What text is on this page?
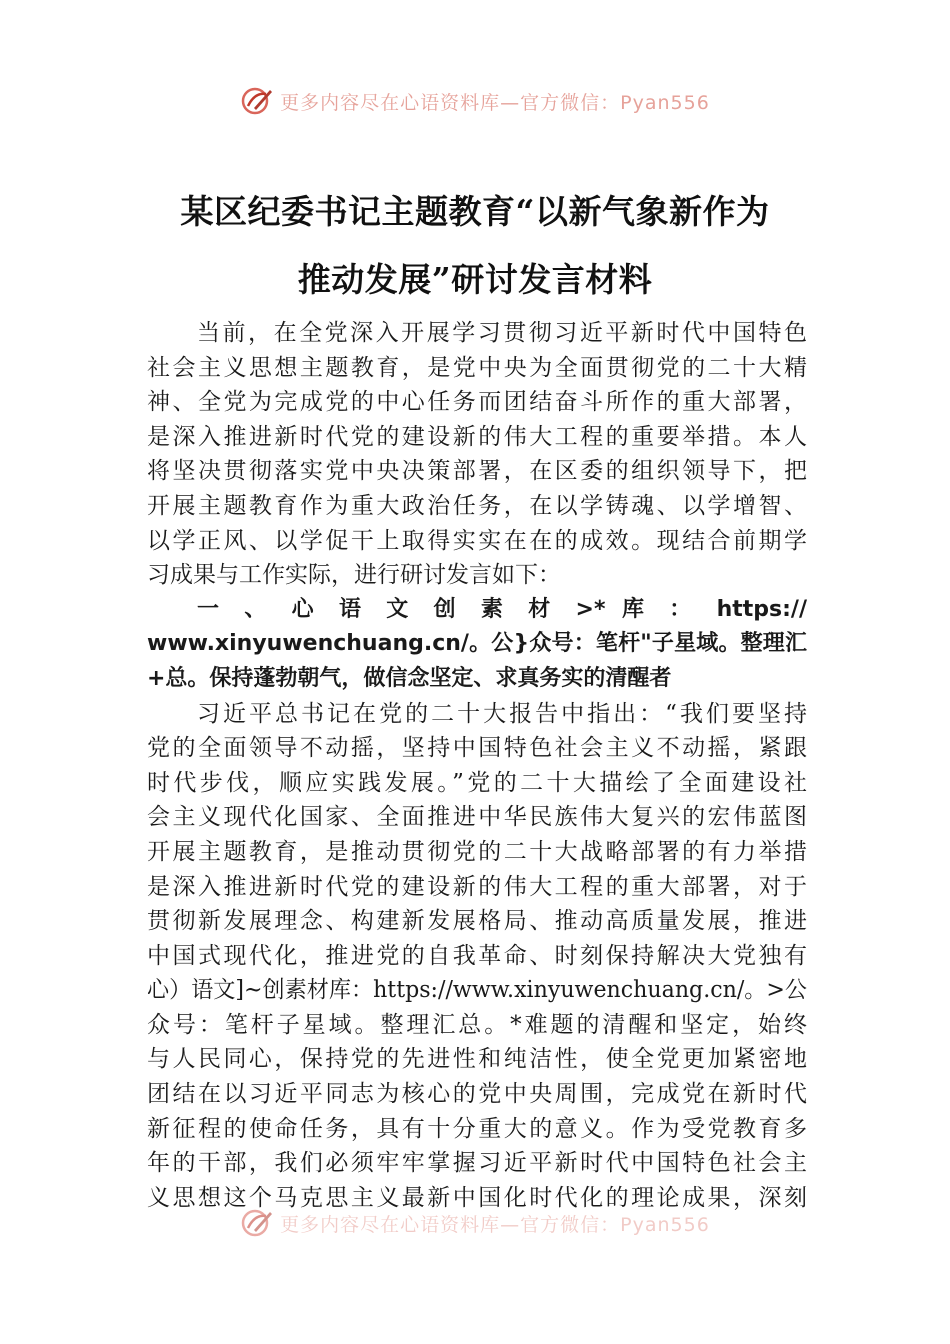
更多内容尽在心语资料库—官方微信：Pyan556
某区纪委书记主题教育“以新气象新作为
推动发展”研讨发言材料
当前，在全党深入开展学习贯彻习近平新时代中国特色
社会主义思想主题教育，是党中央为全面贯彻党的二十大精
神、全党为完成党的中心任务而团结奋斗所作的重大部署，
是深入推进新时代党的建设新的伟大工程的重要举措。本人
将坚决贯彻落实党中央决策部署，在区委的组织领导下，把
开展主题教育作为重大政治任务，在以学铸魂、以学增智、
以学正风、以学促干上取得实实在在的成效。现结合前期学
习成果与工作实际，进行研讨发言如下：
一 、 心 语 文 创 素 材 >* 库 ： https://
www.xinyuwenchuang.cn/。公}众号：笔杆"子星域。整理汇
+总。保持蓬勃朝气，做信念坚定、求真务实的清醒者
习近平总书记在党的二十大报告中指出：“我们要坚持
党的全面领导不动摇，坚持中国特色社会主义不动摇，紧跟
时代步伐，顺应实践发展。”党的二十大描绘了全面建设社
会主义现代化国家、全面推进中华民族伟大复兴的宏伟蓝图
开展主题教育，是推动贯彻党的二十大战略部署的有力举措
是深入推进新时代党的建设新的伟大工程的重大部署，对于
贯彻新发展理念、构建新发展格局、推动高质量发展，推进
中国式现代化，推进党的自我革命、时刻保持解决大党独有
心）语文]~创素材库：https://www.xinyuwenchuang.cn/。>公
众号：笔杆子星域。整理汇总。*难题的清醒和坚定，始终
与人民同心，保持党的先进性和纯洁性，使全党更加紧密地
团结在以习近平同志为核心的党中央周围，完成党在新时代
新征程的使命任务，具有十分重大的意义。作为受党教育多
年的干部，我们必须牢牢掌握习近平新时代中国特色社会主
义思想这个马克思主义最新中国化时代化的理论成果，深刻
更多内容尽在心语资料库—官方微信：Pyan556
